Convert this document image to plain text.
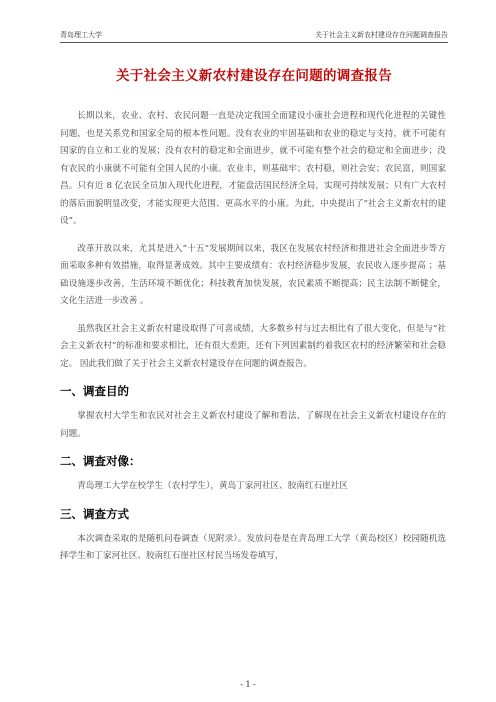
青岛理工大学	关于社会主义新农村建设存在问题调查报告
关于社会主义新农村建设存在问题的调查报告

长期以来，农业、农村、农民问题一直是决定我国全面建设小康社会进程和现代化进程的关键性问题，也是关系党和国家全局的根本性问题。没有农业的牢固基础和农业的稳定与支持，就不可能有国家的自立和工业的发展；没有农村的稳定和全面进步，就不可能有整个社会的稳定和全面进步；没有农民的小康就不可能有全国人民的小康。农业丰，则基础牢；农村稳，则社会安；农民富，则国家昌。只有近 8 亿农民全员加入现代化进程，才能盘活国民经济全局，实现可持续发展；只有广大农村的落后面貌明显改变，才能实现更大范围、更高水平的小康。为此，中央提出了“社会主义新农村的建设”。

改革开放以来，尤其是进入“十五”发展期间以来，我区在发展农村经济和推进社会全面进步等方面采取多种有效措施，取得显著成效。其中主要成绩有：农村经济稳步发展，农民收入逐步提高 ；基础设施逐步改善，生活环境不断优化；科技教育加快发展，农民素质不断提高；民主法制不断健全，文化生活进一步改善 。

虽然我区社会主义新农村建设取得了可喜成绩，大多数乡村与过去相比有了很大变化，但是与“社会主义新农村”的标准和要求相比，还有很大差距，还有下列因素制约着我区农村的经济繁荣和社会稳定。 因此我们做了关于社会主义新农村建设存在问题的调查报告。

一、调查目的

掌握农村大学生和农民对社会主义新农村建设了解和看法，了解现在社会主义新农村建设存在的问题。

二、调查对像：

青岛理工大学在校学生（农村学生），黄岛丁家河社区、胶南红石崖社区

三、调查方式

本次调查采取的是随机问卷调查（见附录）。发放问卷是在青岛理工大学（黄岛校区）校园随机选择学生和丁家河社区、胶南红石崖社区村民当场发卷填写，

- 1 -
